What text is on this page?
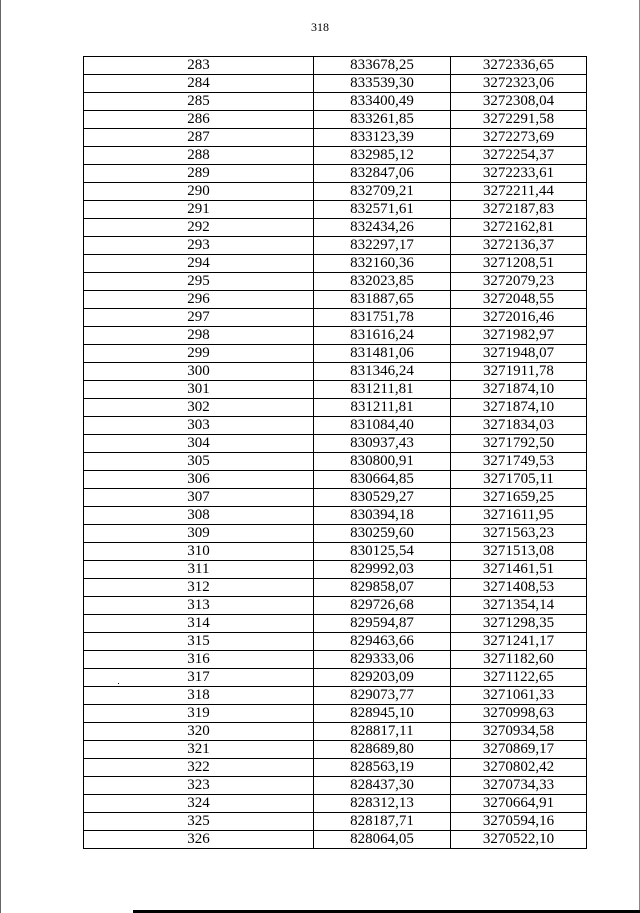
318
283	833678,25	3272336,65
284	833539,30	3272323,06
285	833400,49	3272308,04
286	833261,85	3272291,58
287	833123,39	3272273,69
288	832985,12	3272254,37
289	832847,06	3272233,61
290	832709,21	3272211,44
291	832571,61	3272187,83
292	832434,26	3272162,81
293	832297,17	3272136,37
294	832160,36	3271208,51
295	832023,85	3272079,23
296	831887,65	3272048,55
297	831751,78	3272016,46
298	831616,24	3271982,97
299	831481,06	3271948,07
300	831346,24	3271911,78
301	831211,81	3271874,10
302	831211,81	3271874,10
303	831084,40	3271834,03
304	830937,43	3271792,50
305	830800,91	3271749,53
306	830664,85	3271705,11
307	830529,27	3271659,25
308	830394,18	3271611,95
309	830259,60	3271563,23
310	830125,54	3271513,08
311	829992,03	3271461,51
312	829858,07	3271408,53
313	829726,68	3271354,14
314	829594,87	3271298,35
315	829463,66	3271241,17
316	829333,06	3271182,60
317	829203,09	3271122,65
318	829073,77	3271061,33
319	828945,10	3270998,63
320	828817,11	3270934,58
321	828689,80	3270869,17
322	828563,19	3270802,42
323	828437,30	3270734,33
324	828312,13	3270664,91
325	828187,71	3270594,16
326	828064,05	3270522,10
